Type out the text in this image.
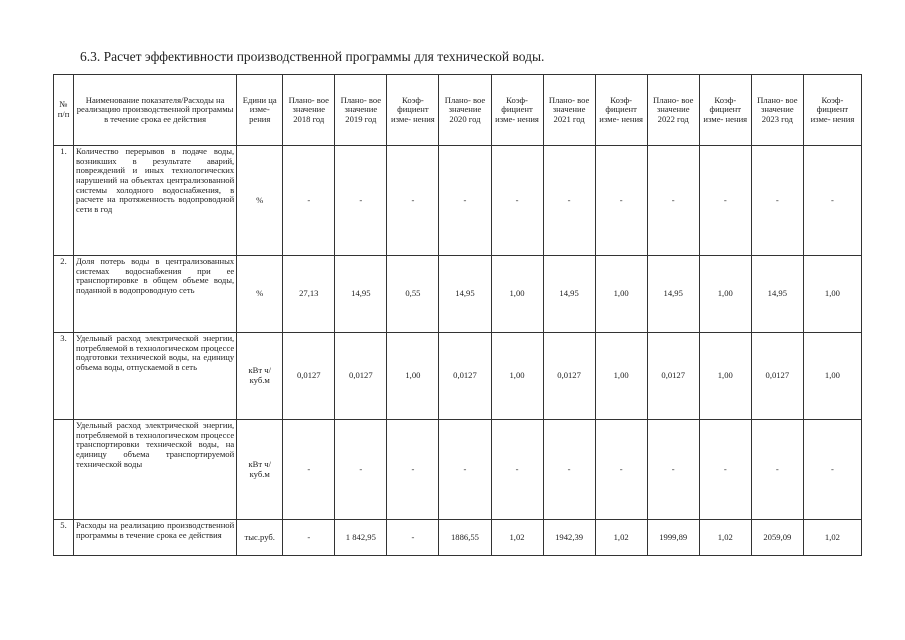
6.3. Расчет эффективности производственной программы для технической воды.
№ п/п	Наименование показателя/Расходы на реализацию производственной программы в течение срока ее действия	Едини ца изме- рения	Плано- вое значение 2018 год	Плано- вое значение 2019 год	Коэф- фициент изме- нения	Плано- вое значение 2020 год	Коэф- фициент изме- нения	Плано- вое значение 2021 год	Коэф- фициент изме- нения	Плано- вое значение 2022 год	Коэф- фициент изме- нения	Плано- вое значение 2023 год	Коэф- фициент изме- нения
1.	Количество перерывов в подаче воды, возникших в результате аварий, повреждений и иных технологических нарушений на объектах централизованной системы холодного водоснабжения, в расчете на протяженность водопроводной сети в год	%	-	-	-	-	-	-	-	-	-	-	-
2.	Доля потерь воды в централизованных системах водоснабжения при ее транспортировке в общем объеме воды, поданной в водопроводную сеть	%	27,13	14,95	0,55	14,95	1,00	14,95	1,00	14,95	1,00	14,95	1,00
3.	Удельный расход электрической энергии, потребляемой в технологическом процессе подготовки технической воды, на единицу объема воды, отпускаемой в сеть	кВт ч/куб.м	0,0127	0,0127	1,00	0,0127	1,00	0,0127	1,00	0,0127	1,00	0,0127	1,00
	Удельный расход электрической энергии, потребляемой в технологическом процессе транспортировки технической воды, на единицу объема транспортируемой технической воды	кВт ч/куб.м	-	-	-	-	-	-	-	-	-	-	-
5.	Расходы на реализацию производственной программы в течение срока ее действия	тыс.руб.	-	1 842,95	-	1886,55	1,02	1942,39	1,02	1999,89	1,02	2059,09	1,02
